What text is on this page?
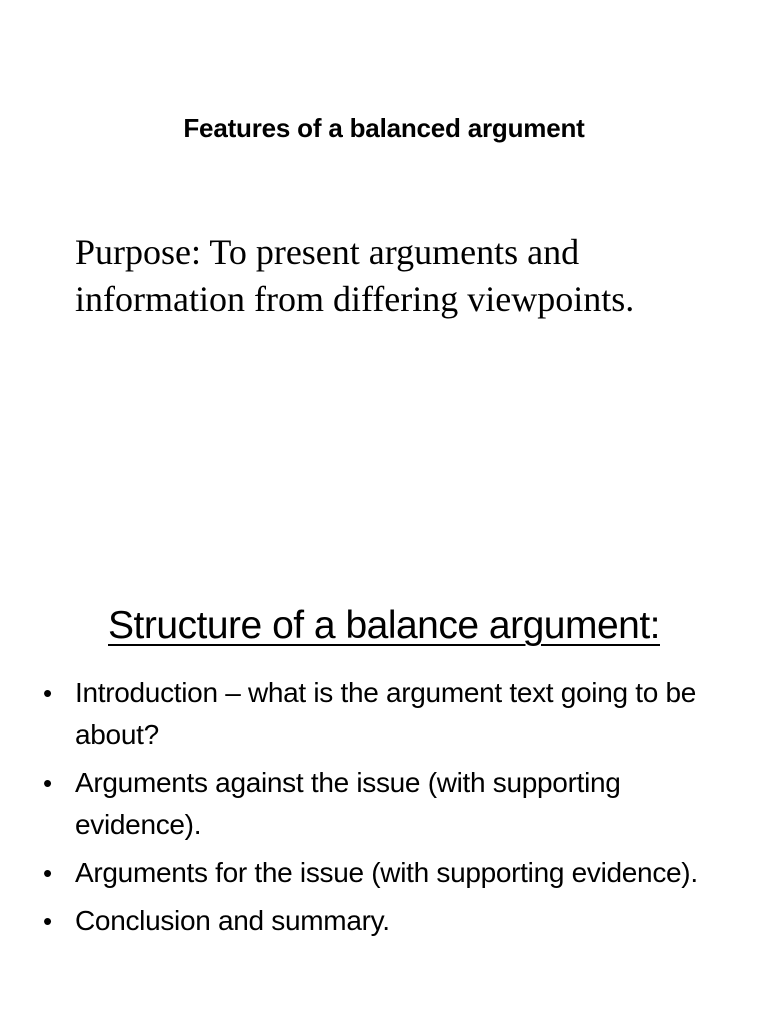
Features of a balanced argument
Purpose: To present arguments and information from differing viewpoints.
Structure of a balance argument:
• Introduction – what is the argument text going to be about?
• Arguments against the issue (with supporting evidence).
• Arguments for the issue (with supporting evidence).
• Conclusion and summary.
